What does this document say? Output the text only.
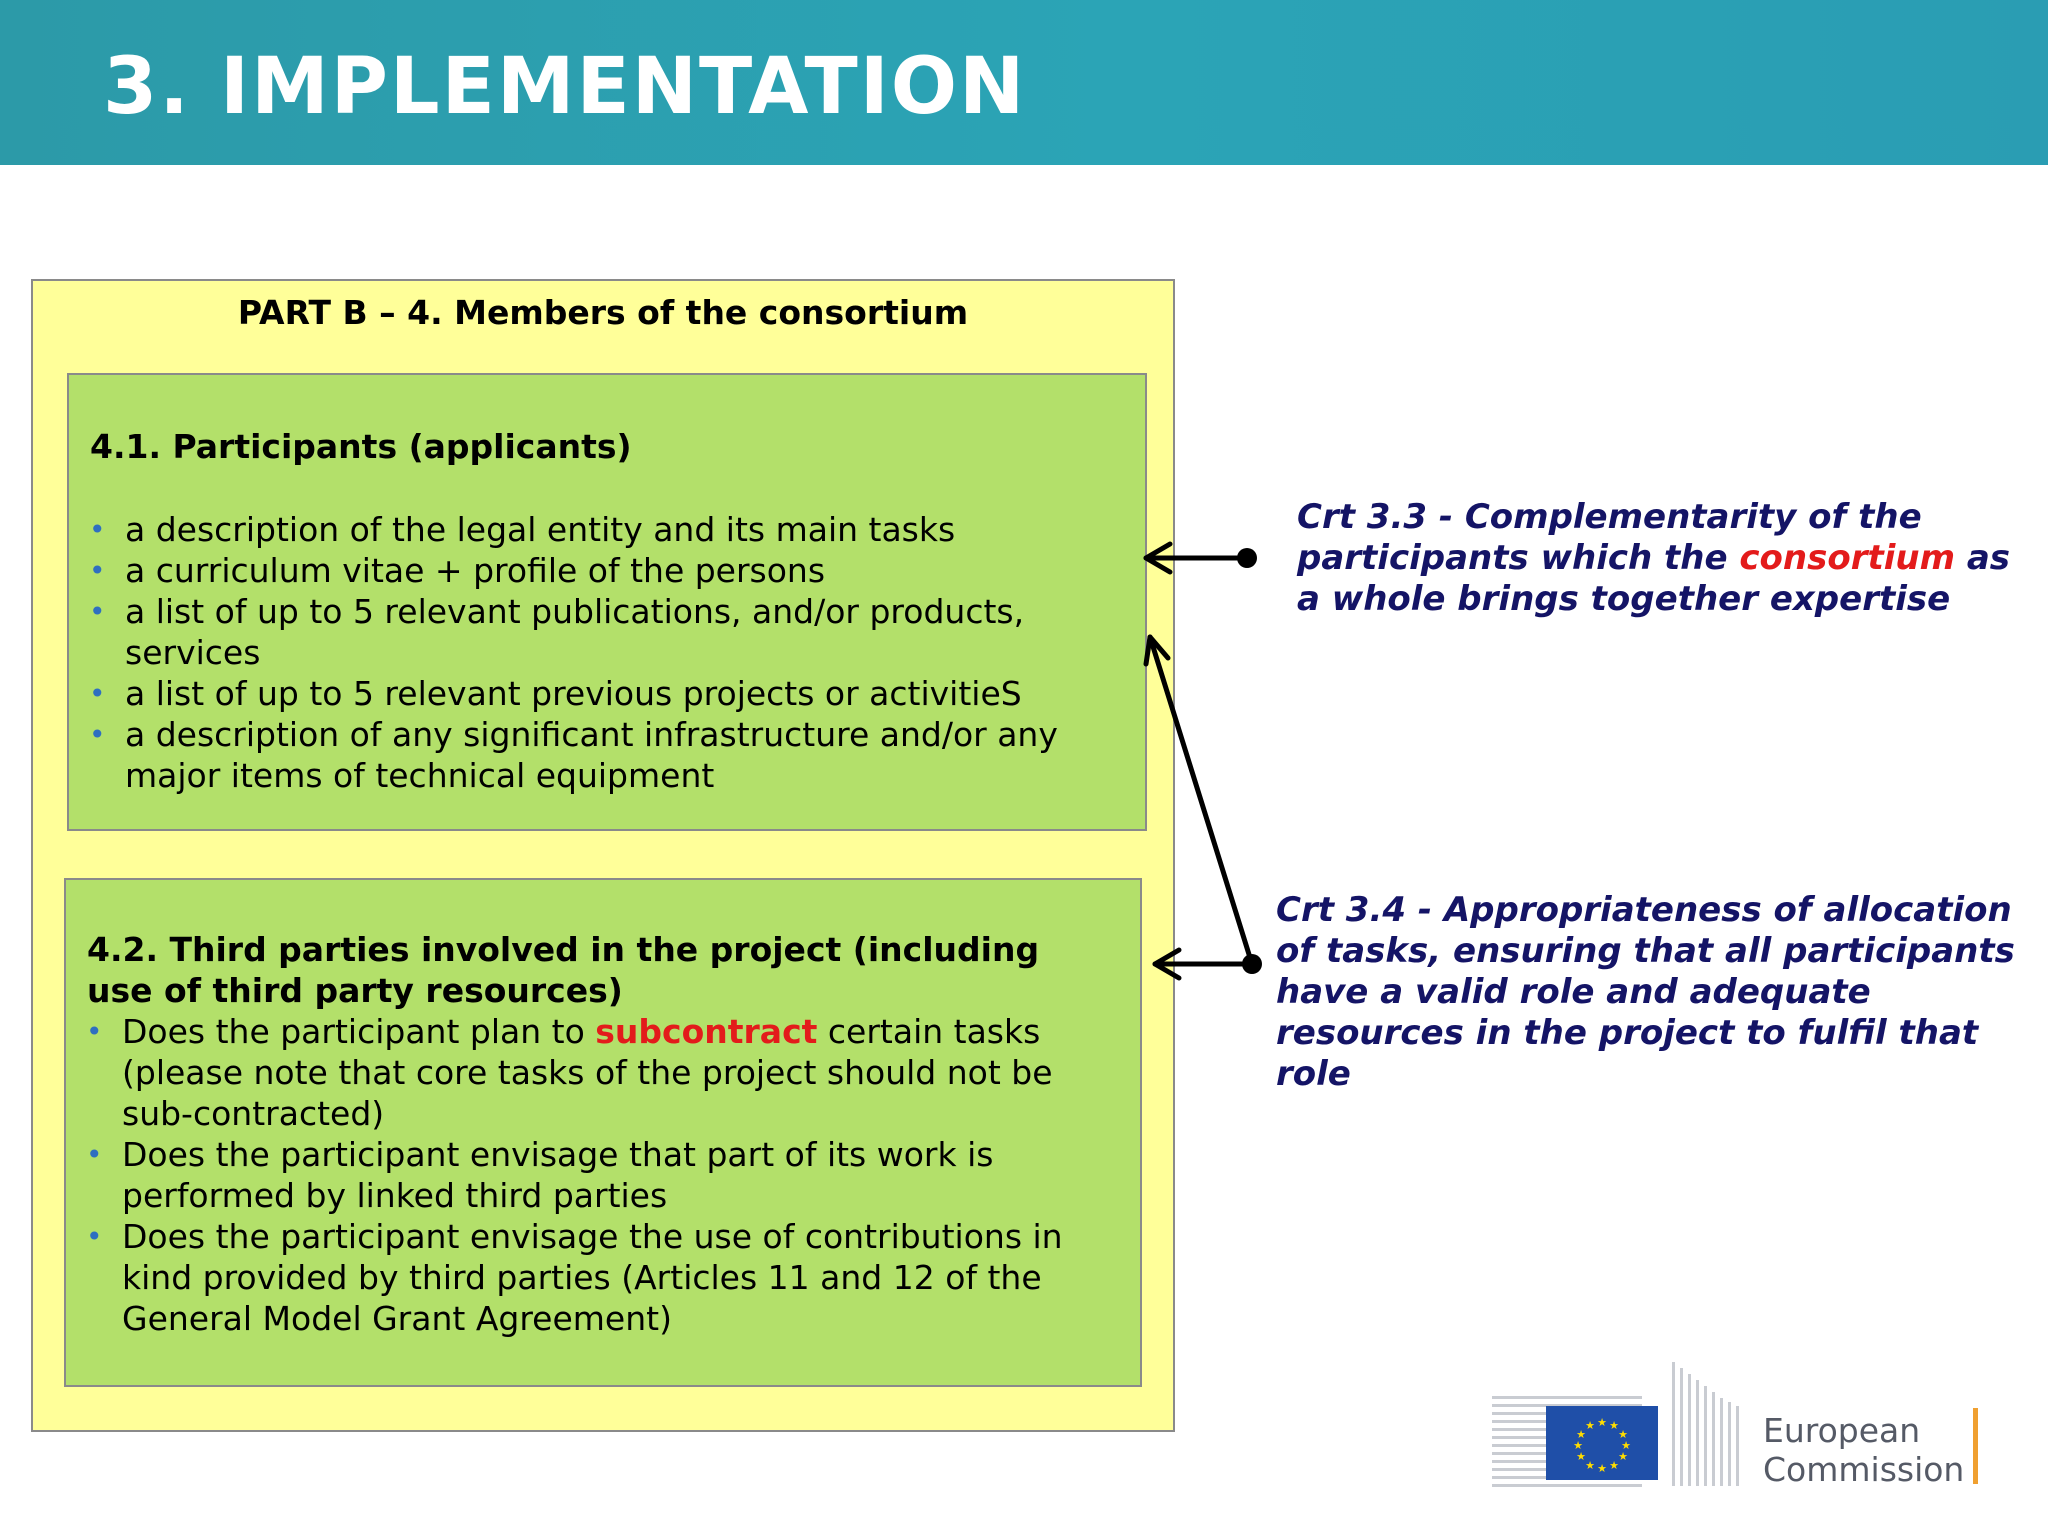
3. IMPLEMENTATION
PART B – 4. Members of the consortium
4.1. Participants (applicants)
• a description of the legal entity and its main tasks
• a curriculum vitae + profile of the persons
• a list of up to 5 relevant publications, and/or products, services
• a list of up to 5 relevant previous projects or activitieS
• a description of any significant infrastructure and/or any major items of technical equipment
4.2. Third parties involved in the project (including use of third party resources)
• Does the participant plan to subcontract certain tasks (please note that core tasks of the project should not be sub-contracted)
• Does the participant envisage that part of its work is performed by linked third parties
• Does the participant envisage the use of contributions in kind provided by third parties (Articles 11 and 12 of the General Model Grant Agreement)
Crt 3.3 - Complementarity of the participants which the consortium as a whole brings together expertise
Crt 3.4 - Appropriateness of allocation of tasks, ensuring that all participants have a valid role and adequate resources in the project to fulfil that role
★ ★
★
★
★
★
★
★
★
★
★
★	European
Commission
